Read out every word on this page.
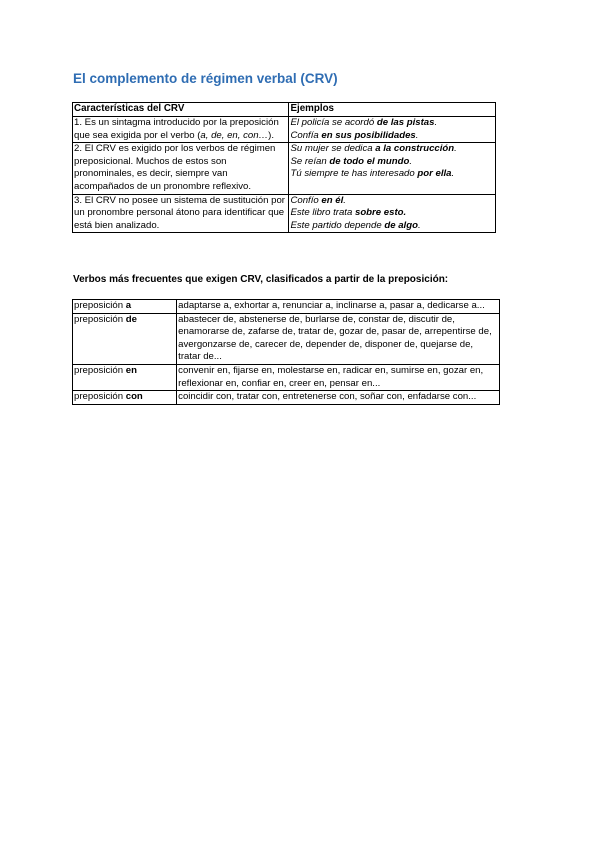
El complemento de régimen verbal (CRV)
Características del CRV	Ejemplos
1. Es un sintagma introducido por la preposición que sea exigida por el verbo (a, de, en, con…).	El policía se acordó de las pistas.
Confía en sus posibilidades.

2. El CRV es exigido por los verbos de régimen preposicional. Muchos de estos son pronominales, es decir, siempre van acompañados de un pronombre reflexivo.	Su mujer se dedica a la construcción.
Se reían de todo el mundo.
Tú siempre te has interesado por ella.

3. El CRV no posee un sistema de sustitución por un pronombre personal átono para identificar que está bien analizado.	Confío en él.
Este libro trata sobre esto.
Este partido depende de algo.
Verbos más frecuentes que exigen CRV, clasificados a partir de la preposición:
preposición a	adaptarse a, exhortar a, renunciar a, inclinarse a, pasar a, dedicarse a...
preposición de	abastecer de, abstenerse de, burlarse de, constar de, discutir de, enamorarse de, zafarse de, tratar de, gozar de, pasar de, arrepentirse de, avergonzarse de, carecer de, depender de, disponer de, quejarse de, tratar de...
preposición en	convenir en, fijarse en, molestarse en, radicar en, sumirse en, gozar en, reflexionar en, confiar en, creer en, pensar en...
preposición con	coincidir con, tratar con, entretenerse con, soñar con, enfadarse con...
